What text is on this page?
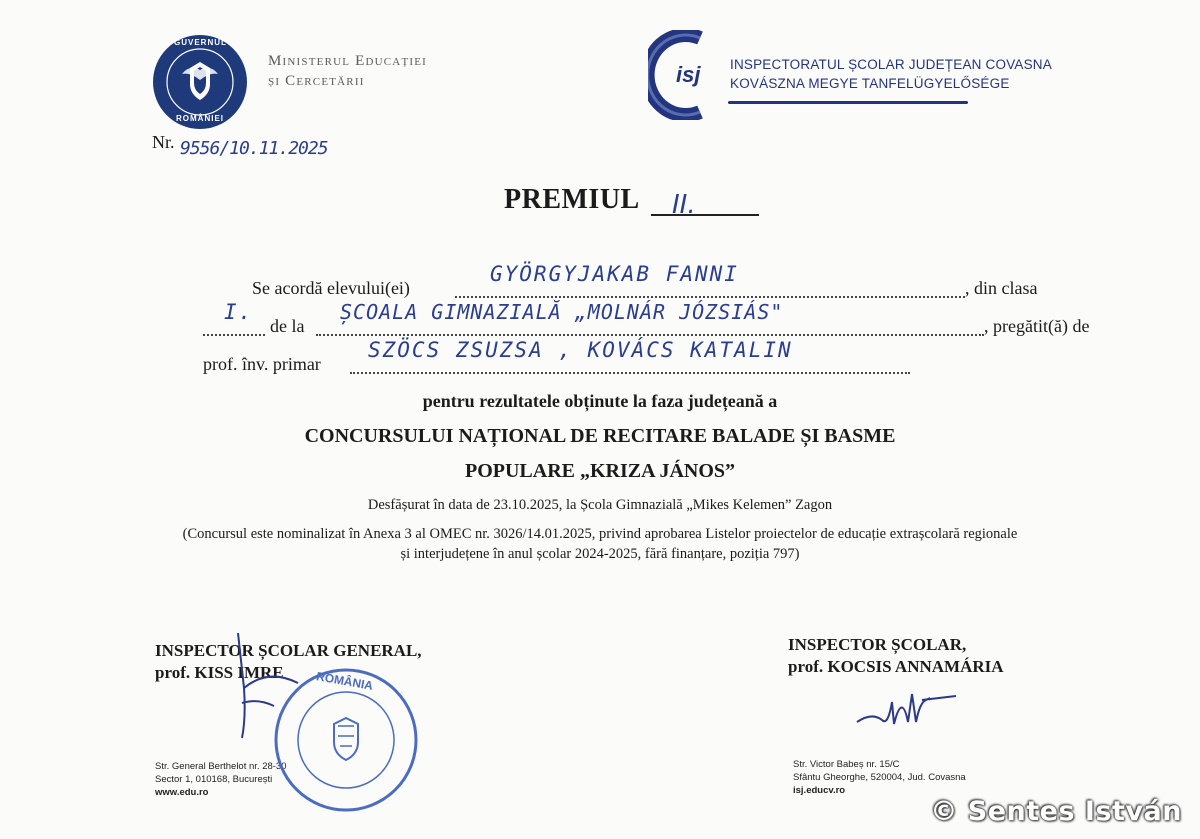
GUVERNUL
ROMÂNIEI
Ministerul Educației
și Cercetării	isj INSPECTORATUL ȘCOLAR JUDEȚEAN COVASNA
KOVÁSZNA MEGYE TANFELÜGYELŐSÉGE
Nr. 9556/10.11.2025
PREMIUL II.
Se acordă elevului(ei)
GYÖRGYJAKAB FANNI
, din clasa
I.
de la
ȘCOALA GIMNAZIALĂ „MOLNÁR JÓZSIÁS"
, pregătit(ă) de
prof. înv. primar
SZÖCS ZSUZSA , KOVÁCS KATALIN
pentru rezultatele obținute la faza județeană a
CONCURSULUI NAȚIONAL DE RECITARE BALADE ȘI BASME
POPULARE „KRIZA JÁNOS”
Desfășurat în data de 23.10.2025, la Școla Gimnazială „Mikes Kelemen” Zagon
(Concursul este nominalizat în Anexa 3 al OMEC nr. 3026/14.01.2025, privind aprobarea Listelor proiectelor de educație extrașcolară regionale
și interjudețene în anul școlar 2024-2025, fără finanțare, poziția 797)
INSPECTOR ȘCOLAR GENERAL,
prof. KISS IMRE
INSPECTOR ȘCOLAR,
prof. KOCSIS ANNAMÁRIA
Str. General Berthelot nr. 28-30
Sector 1, 010168, București
www.edu.ro
Str. Victor Babeș nr. 15/C
Sfântu Gheorghe, 520004, Jud. Covasna
isj.educv.ro
ROMÂNIA
© Sentes István
